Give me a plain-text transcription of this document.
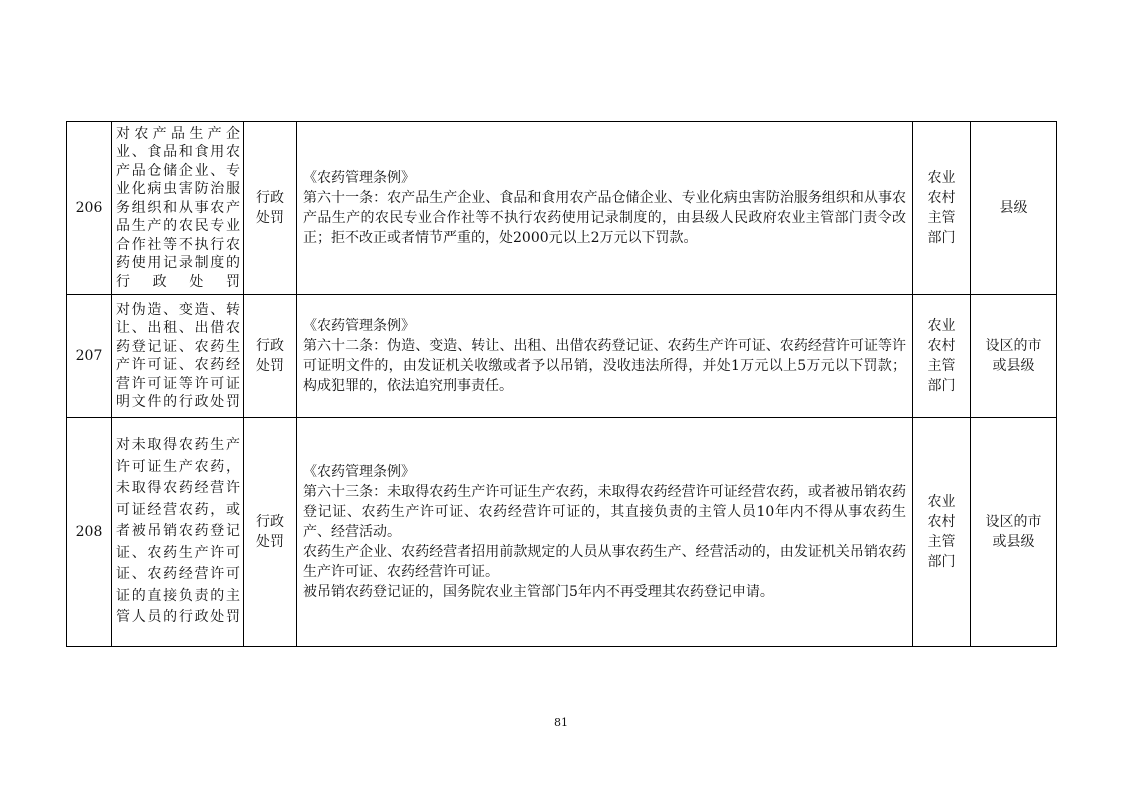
206	对农产品生产企业、食品和食用农产品仓储企业、专业化病虫害防治服务组织和从事农产品生产的农民专业合作社等不执行农药使用记录制度的行政处罚	行政处罚	《农药管理条例》

第六十一条：农产品生产企业、食品和食用农产品仓储企业、专业化病虫害防治服务组织和从事农产品生产的农民专业合作社等不执行农药使用记录制度的，由县级人民政府农业主管部门责令改正；拒不改正或者情节严重的，处2000元以上2万元以下罚款。	农业农村主管部门	县级
207	对伪造、变造、转让、出租、出借农药登记证、农药生产许可证、农药经营许可证等许可证明文件的行政处罚	行政处罚	《农药管理条例》

第六十二条：伪造、变造、转让、出租、出借农药登记证、农药生产许可证、农药经营许可证等许可证明文件的，由发证机关收缴或者予以吊销，没收违法所得，并处1万元以上5万元以下罚款；构成犯罪的，依法追究刑事责任。	农业农村主管部门	设区的市或县级

208	对未取得农药生产许可证生产农药，未取得农药经营许可证经营农药，或者被吊销农药登记证、农药生产许可证、农药经营许可证的直接负责的主管人员的行政处罚	行政处罚	《农药管理条例》

第六十三条：未取得农药生产许可证生产农药，未取得农药经营许可证经营农药，或者被吊销农药登记证、农药生产许可证、农药经营许可证的，其直接负责的主管人员10年内不得从事农药生产、经营活动。

农药生产企业、农药经营者招用前款规定的人员从事农药生产、经营活动的，由发证机关吊销农药生产许可证、农药经营许可证。

被吊销农药登记证的，国务院农业主管部门5年内不再受理其农药登记申请。	农业农村主管部门	设区的市或县级
81
